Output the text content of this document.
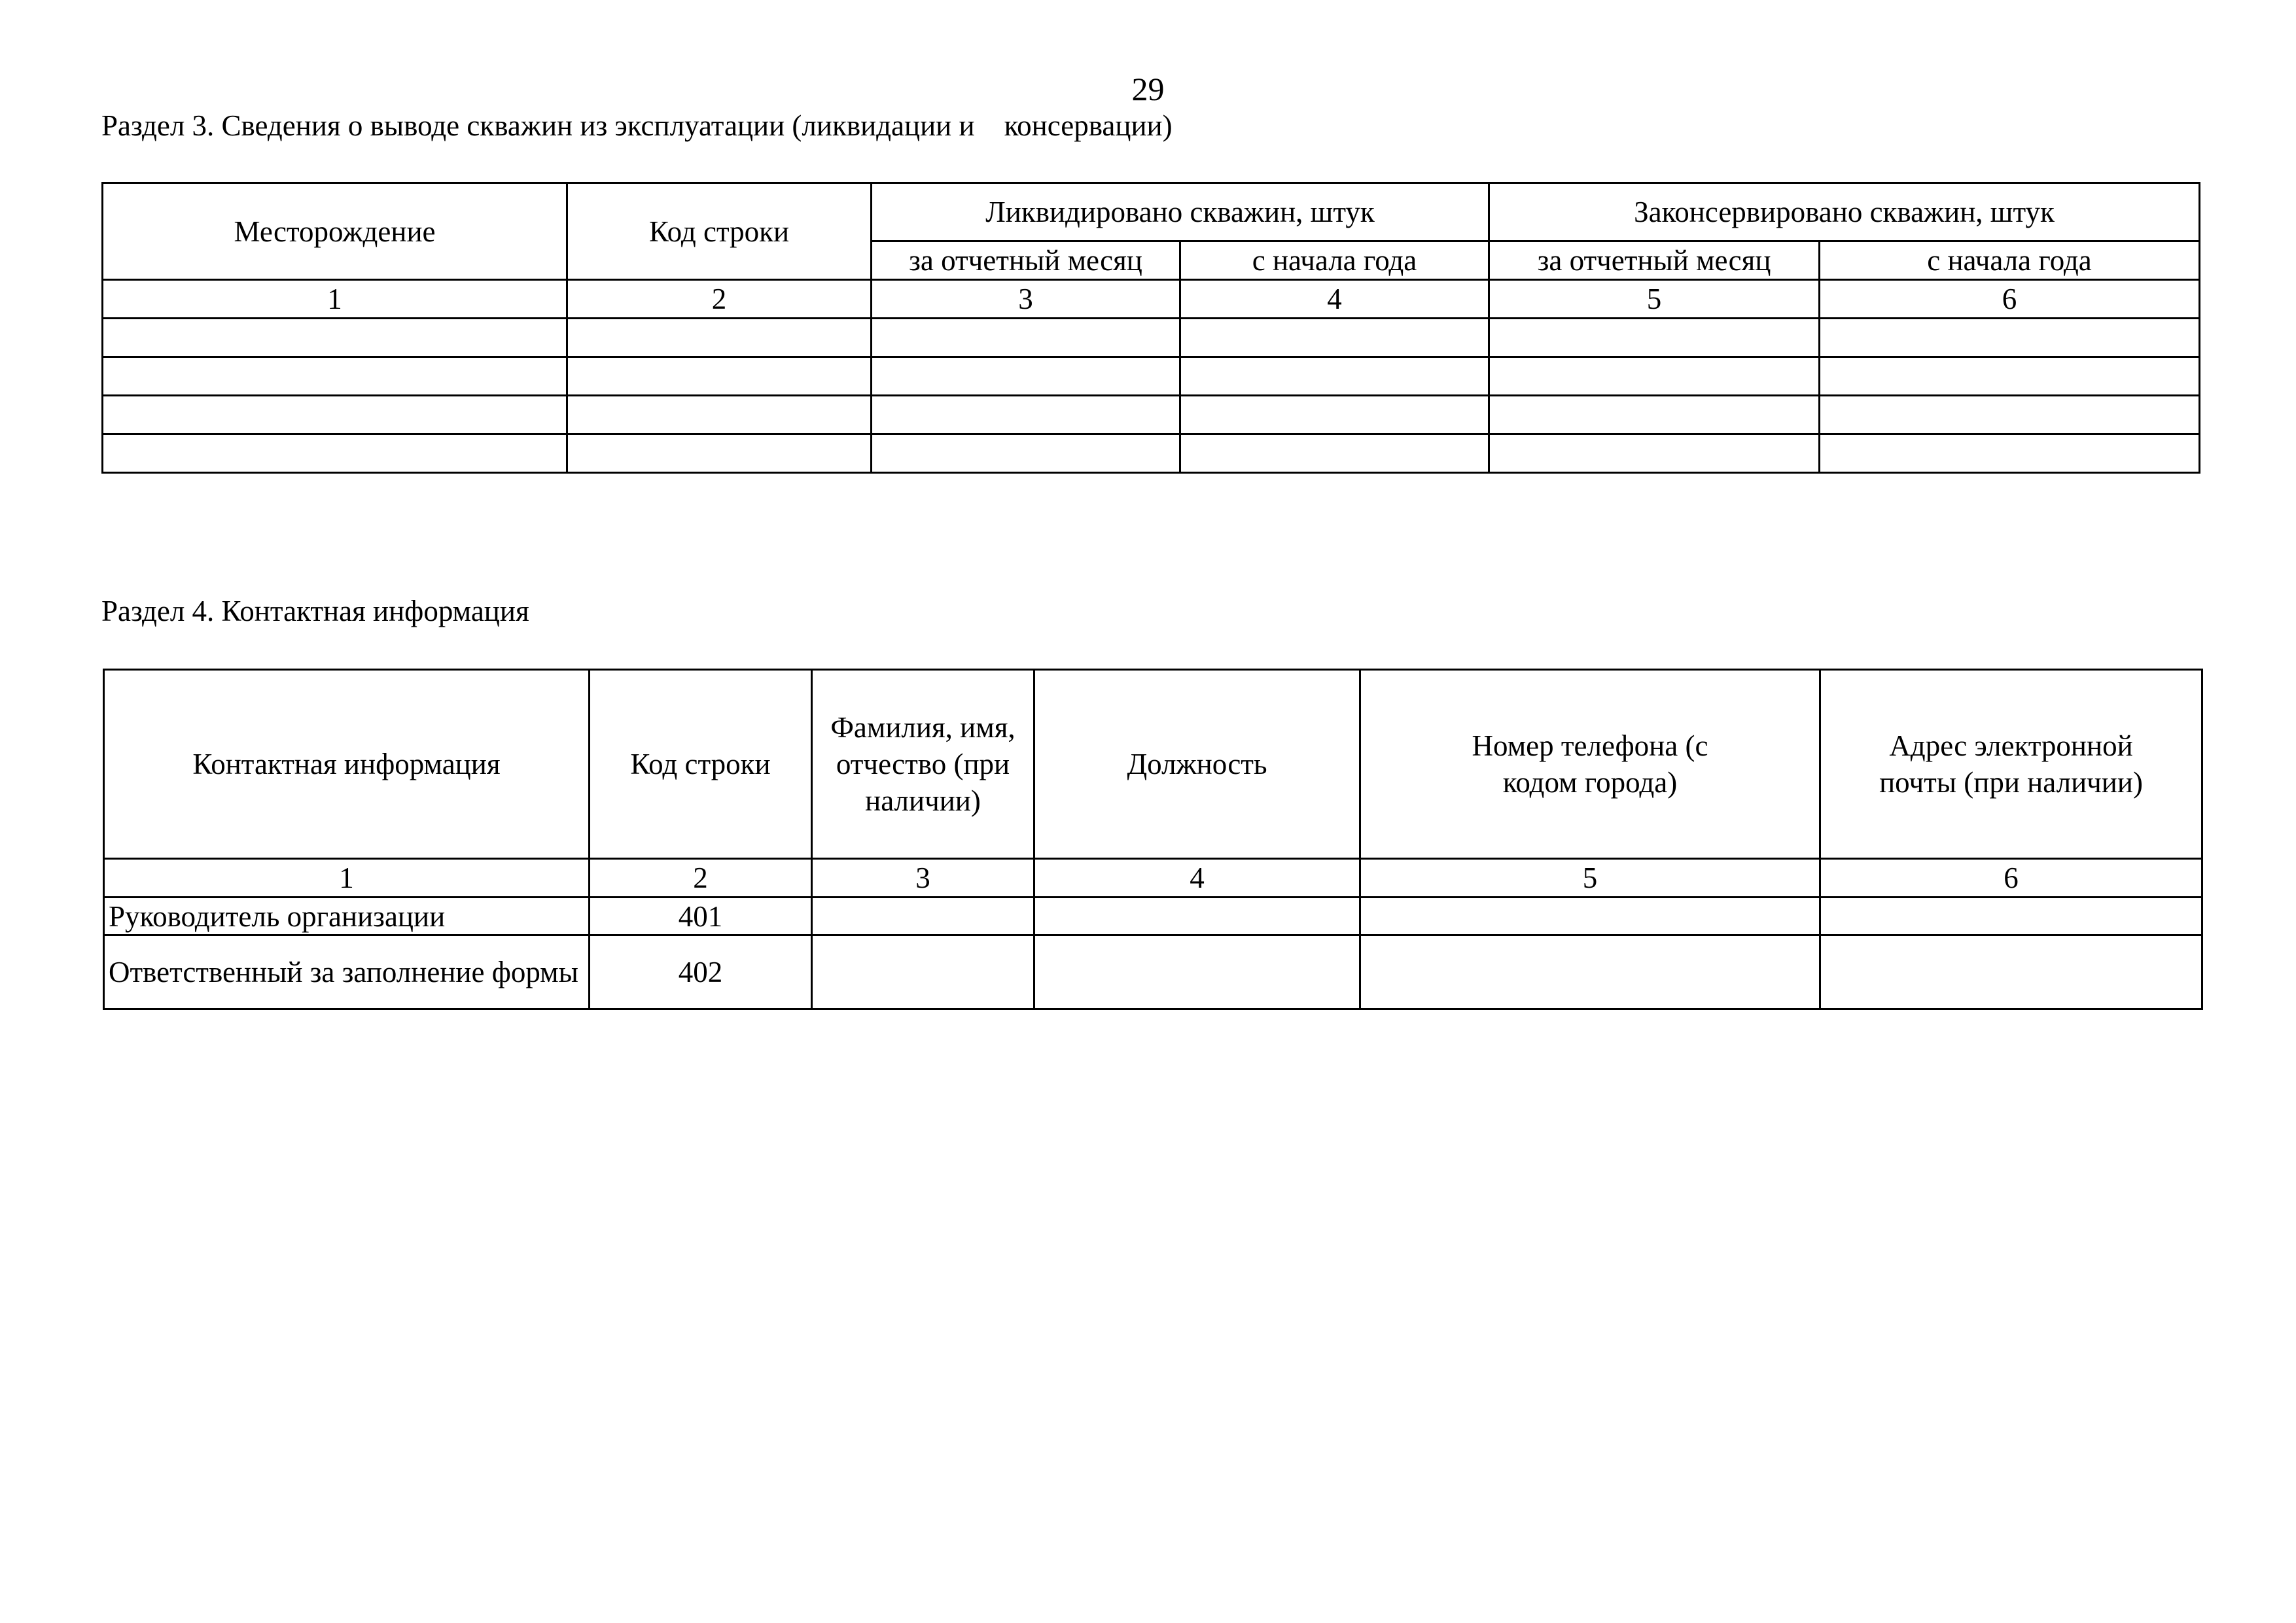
29
Раздел 3. Сведения о выводе скважин из эксплуатации (ликвидации и    консервации)
Месторождение	Код строки	Ликвидировано скважин, штук		Законсервировано скважин, штук	
		за отчетный месяц	с начала года	за отчетный месяц	с начала года
1	2	3	4	5	6

Раздел 4. Контактная информация
Контактная информация	Код строки	Фамилия, имя, отчество (при наличии)	Должность	Номер телефона (с кодом города)	Адрес электронной почты (при наличии)
1	2	3	4	5	6
Руководитель организации	401				
Ответственный за заполнение формы	402				
